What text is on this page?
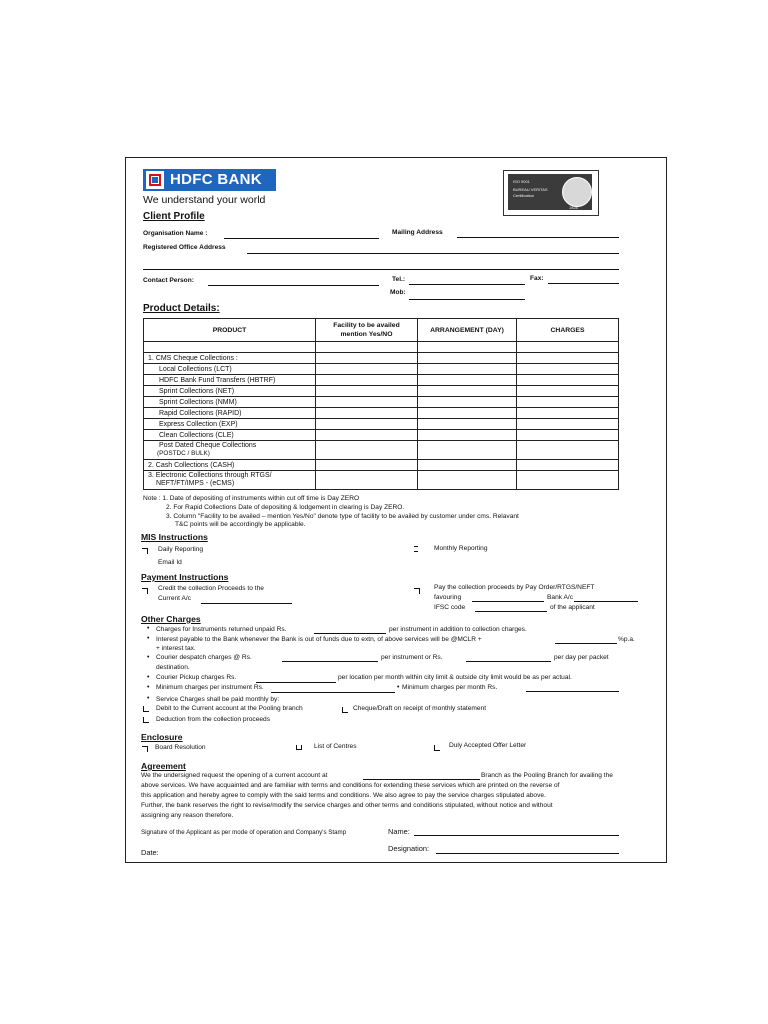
HDFC BANK
We understand your world
ISO 9001
BUREAU VERITAS
Certification
1828
Client Profile
Organisation Name :	Mailing Address
Registered Office Address
Contact Person:	Tel.:	Fax:
Mob:
Product Details:
PRODUCT	Facility to be availed mention Yes/NO	ARRANGEMENT (DAY)	CHARGES

1. CMS Cheque Collections :			
Local Collections (LCT)			
HDFC Bank Fund Transfers (HBTRF)			
Sprint Collections (NET)			
Sprint Collections (NMM)			
Rapid Collections (RAPID)			
Express Collection (EXP)			
Clean Collections (CLE)			
Post Dated Cheque Collections
(POSTDC / BULK)			
2. Cash Collections (CASH)			
3. Electronic Collections through RTGS/
NEFT/FT/IMPS - (eCMS)			
Note : 1. Date of depositing of instruments within cut off time is Day ZERO
2. For Rapid Collections Date of depositing & lodgement in clearing is Day ZERO.
3. Column "Facility to be availed – mention Yes/No" denote type of facility to be availed by customer under cms. Relavant
T&C points will be accordingly be applicable.
MIS Instructions
Daily Reporting	Monthly Reporting
Email Id
Payment Instructions
Credit the collection Proceeds to the
Current A/c
Pay the collection proceeds by Pay Order/RTGS/NEFT
favouring	Bank A/c
IFSC code	of the applicant
Other Charges
• Charges for Instruments returned unpaid Rs.	per instrument in addition to collection charges.
• Interest payable to the Bank whenever the Bank is out of funds due to extn, of above services will be @MCLR +	%p.a.
+ interest tax.
• Courier despatch charges @ Rs.	per instrument or Rs.	per day per packet
destination.
• Courier Pickup charges Rs.	per location per month within city limit & outside city limit would be as per actual.
• Minimum charges per instrument Rs.	• Minimum charges per month Rs.
• Service Charges shall be paid monthly by:
Debit to the Current account at the Pooling branch	Cheque/Draft on receipt of monthly statement
Deduction from the collection proceeds
Enclosure
Board Resolution	List of Centres	Duly Accepted Offer Letter
Agreement
We the undersigned request the opening of a current account at	Branch as the Pooling Branch for availing the
above services. We have acquainted and are familiar with terms and conditions for extending these services which are printed on the reverse of
this application and hereby agree to comply with the said terms and conditions. We also agree to pay the service charges stipulated above.
Further, the bank reserves the right to revise/modify the service charges and other terms and conditions stipulated, without notice and without
assigning any reason therefore.
Signature of the Applicant as per mode of operation and Company's Stamp	Name:
Date:	Designation:
